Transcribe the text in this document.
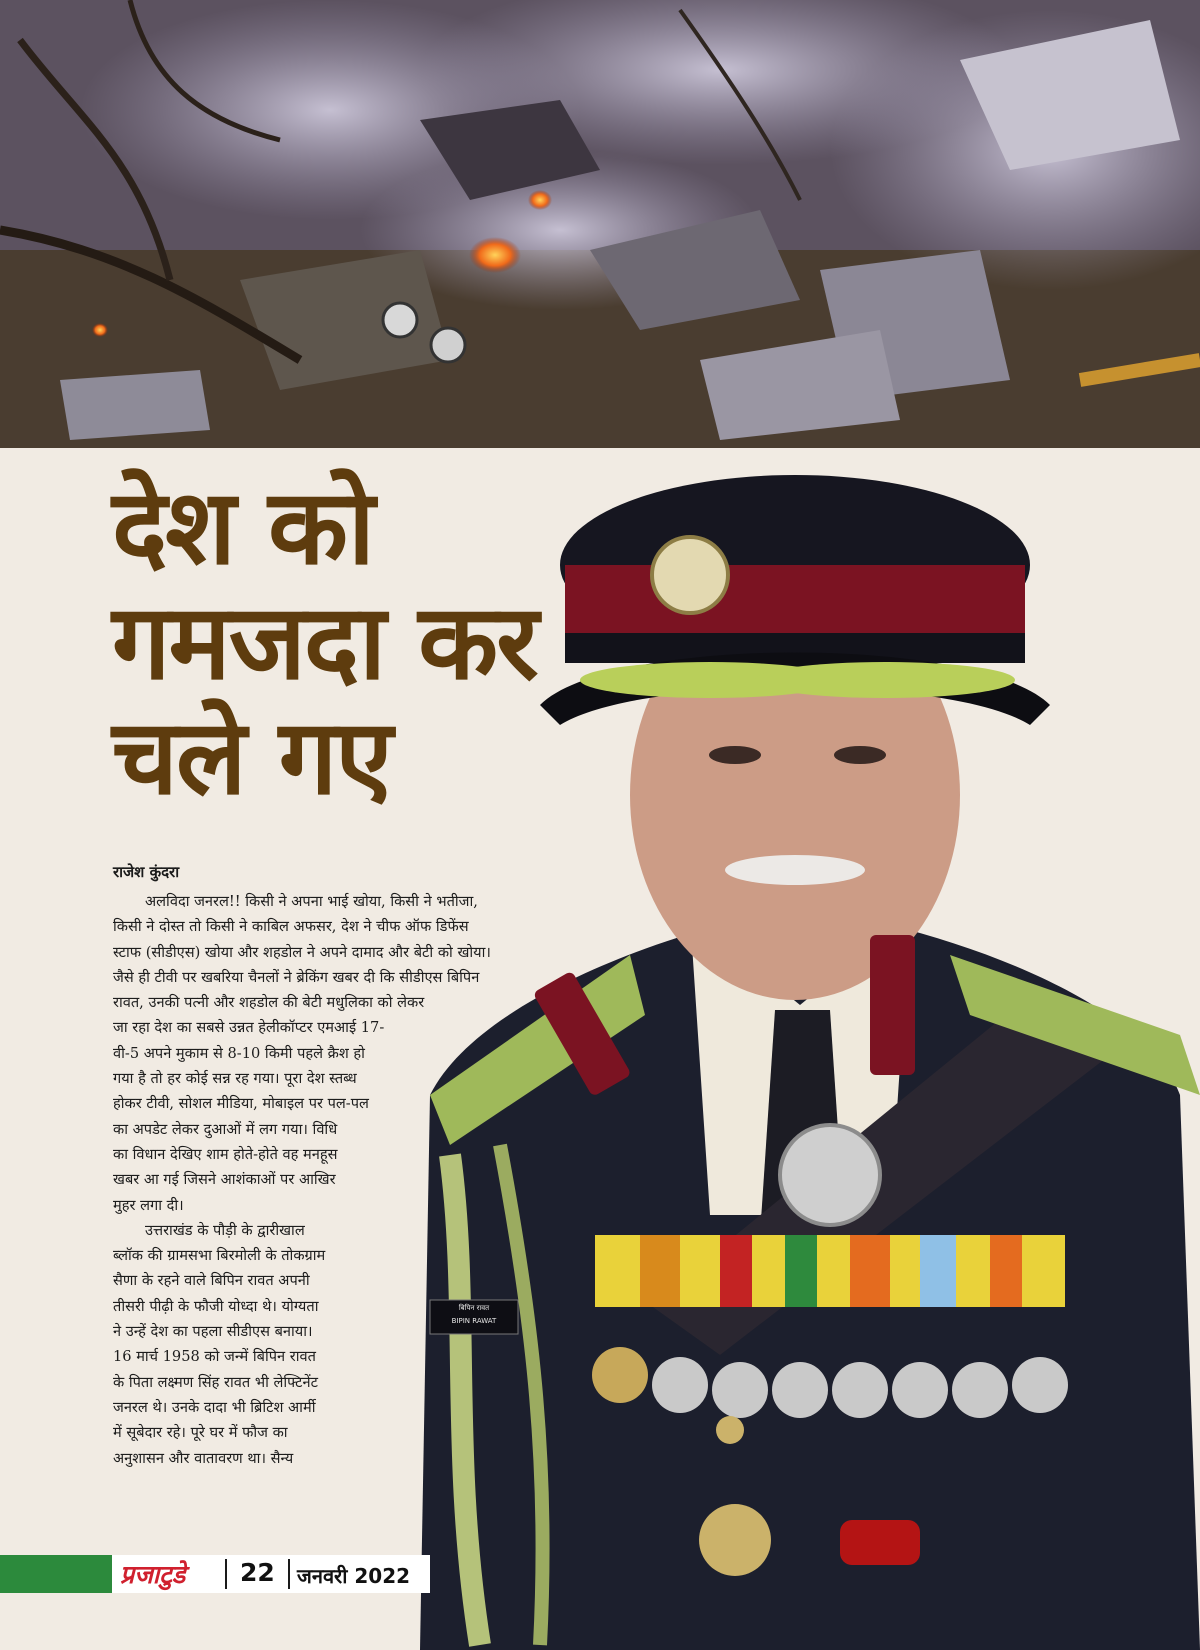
बिपिन रावत
BIPIN RAWAT
देश को
गमजदा कर
चले गए

राजेश कुंदरा

अलविदा जनरल!! किसी ने अपना भाई खोया, किसी ने भतीजा,
किसी ने दोस्त तो किसी ने काबिल अफसर, देश ने चीफ ऑफ डिफेंस
स्टाफ (सीडीएस) खोया और शहडोल ने अपने दामाद और बेटी को खोया।
जैसे ही टीवी पर खबरिया चैनलों ने ब्रेकिंग खबर दी कि सीडीएस बिपिन
रावत, उनकी पत्नी और शहडोल की बेटी मधुलिका को लेकर
जा रहा देश का सबसे उन्नत हेलीकॉप्टर एमआई 17-
वी-5 अपने मुकाम से 8-10 किमी पहले क्रैश हो
गया है तो हर कोई सन्न रह गया। पूरा देश स्तब्ध
होकर टीवी, सोशल मीडिया, मोबाइल पर पल-पल
का अपडेट लेकर दुआओं में लग गया। विधि
का विधान देखिए शाम होते-होते वह मनहूस
खबर आ गई जिसने आशंकाओं पर आखिर
मुहर लगा दी।

उत्तराखंड के पौड़ी के द्वारीखाल
ब्लॉक की ग्रामसभा बिरमोली के तोकग्राम
सैणा के रहने वाले बिपिन रावत अपनी
तीसरी पीढ़ी के फौजी योध्दा थे। योग्यता
ने उन्हें देश का पहला सीडीएस बनाया।
16 मार्च 1958 को जन्में बिपिन रावत
के पिता लक्ष्मण सिंह रावत भी लेफ्टिनेंट
जनरल थे। उनके दादा भी ब्रिटिश आर्मी
में सूबेदार रहे। पूरे घर में फौज का
अनुशासन और वातावरण था। सैन्य

प्रजाटुडे 22 जनवरी 2022
